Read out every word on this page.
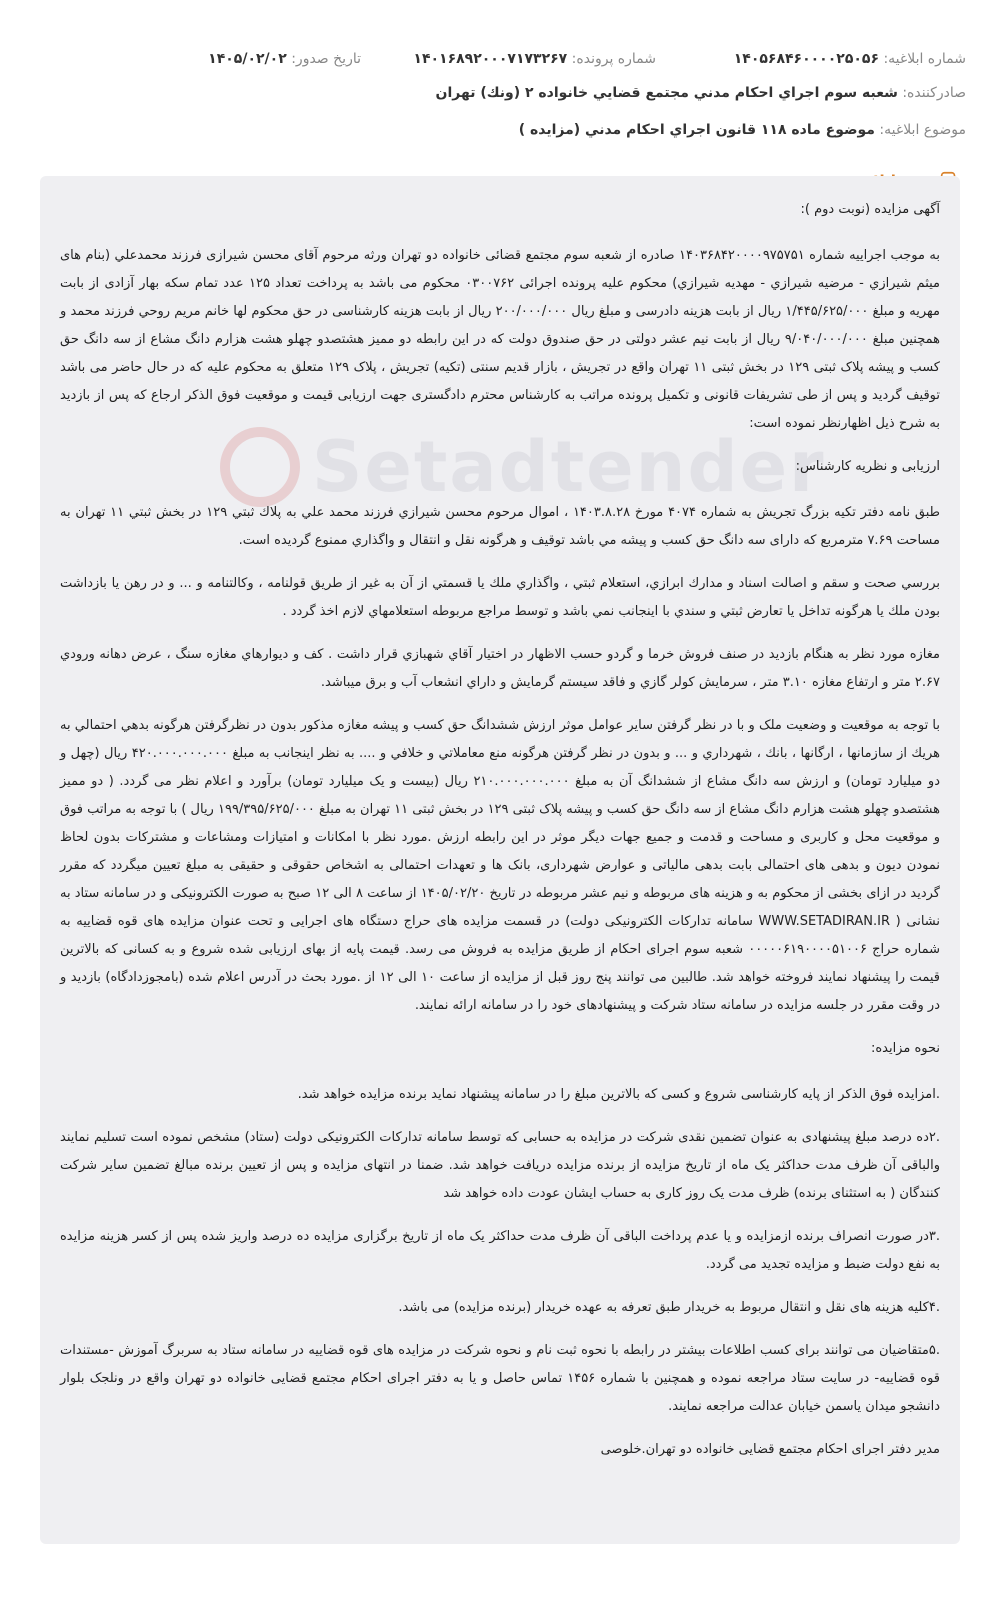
شماره ابلاغیه: ۱۴۰۵۶۸۴۶۰۰۰۰۲۵۰۵۶
شماره پرونده: ۱۴۰۱۶۸۹۲۰۰۰۷۱۷۳۲۶۷
تاریخ صدور: ۱۴۰۵/۰۲/۰۲
صادرکننده: شعبه سوم اجراي احكام مدني مجتمع قضايي خانواده ۲ (ونك) تهران
موضوع ابلاغیه: موضوع ماده ۱۱۸ قانون اجراي احكام مدني (مزايده )
Setadtender

آگهی مزایده (نوبت دوم ):

به موجب اجراییه شماره ۱۴۰۳۶۸۴۲۰۰۰۰۹۷۵۷۵۱ صادره از شعبه سوم مجتمع قضائی خانواده دو تهران ورثه مرحوم آقای محسن شیرازی فرزند محمدعلي (بنام های میثم شیرازي - مرضيه شيرازي - مهديه شيرازي) محكوم علیه پرونده اجرائی ۰۳۰۰۷۶۲ محکوم می باشد به پرداخت تعداد ۱۲۵ عدد تمام سکه بهار آزادی از بابت مهریه و مبلغ ۱/۴۴۵/۶۲۵/۰۰۰ ريال از بابت هزينه دادرسی و مبلغ ريال ۲۰۰/۰۰۰/۰۰۰ ريال از بابت هزینه کارشناسی در حق محکوم لها خانم مريم روحي فرزند محمد و همچنين مبلغ ۹/۰۴۰/۰۰۰/۰۰۰ ريال از بابت نيم عشر دولتی در حق صندوق دولت كه در این رابطه دو مميز هشتصدو چهلو هشت هزارم دانگ مشاع از سه دانگ حق کسب و پیشه پلاک ثبتی ۱۲۹ در بخش ثبتی ۱۱ تهران واقع در تجریش ، بازار قدیم سنتی (تکیه) تجريش ، پلاک ۱۲۹ متعلق به محکوم علیه که در حال حاضر می باشد توقیف گردید و پس از طی تشریفات قانونی و تکمیل پرونده مراتب به کارشناس محترم دادگستری جهت ارزیابی قیمت و موقعیت فوق الذکر ارجاع که پس از بازدید به شرح ذیل اظهارنظر نموده است:

ارزیابی و نظریه کارشناس:

طبق نامه دفتر تکیه بزرگ تجریش به شماره ۴۰۷۴ مورخ ۱۴۰۳.۸.۲۸ ، اموال مرحوم محسن شيرازي فرزند محمد علي به پلاك ثبتي ۱۲۹ در بخش ثبتي ۱۱ تهران به مساحت ۷.۶۹ مترمربع که دارای سه دانگ حق کسب و پیشه مي باشد توقيف و هرگونه نقل و انتقال و واگذاري ممنوع گرديده است.

بررسي صحت و سقم و اصالت اسناد و مدارك ابرازي، استعلام ثبتي ، واگذاري ملك يا قسمتي از آن به غير از طريق قولنامه ، وكالتنامه و ... و در رهن يا بازداشت بودن ملك يا هرگونه تداخل يا تعارض ثبتي و سندي با اينجانب نمي باشد و توسط مراجع مربوطه استعلامهاي لازم اخذ گردد .

مغازه مورد نظر به هنگام بازديد در صنف فروش خرما و گردو حسب الاظهار در اختيار آقاي شهبازي قرار داشت . كف و ديوارهاي مغازه سنگ ، عرض دهانه ورودي ۲.۶۷ متر و ارتفاع مغازه ۳.۱۰ متر ، سرمايش كولر گازي و فاقد سيستم گرمايش و داراي انشعاب آب و برق ميباشد.

با توجه به موقعیت و وضعیت ملک و با در نظر گرفتن سایر عوامل موثر ارزش ششدانگ حق کسب و پیشه مغازه مذکور بدون در نظرگرفتن هرگونه بدهي احتمالي به هريك از سازمانها ، ارگانها ، بانك ، شهرداري و ... و بدون در نظر گرفتن هرگونه منع معاملاتي و خلافي و .... به نظر اينجانب به مبلغ ۴۲۰.۰۰۰.۰۰۰.۰۰۰ ريال (چهل و دو ميليارد تومان) و ارزش سه دانگ مشاع از ششدانگ آن به مبلغ ۲۱۰.۰۰۰.۰۰۰.۰۰۰ ريال (بيست و یک ميليارد تومان) برآورد و اعلام نظر می گردد. ( دو مميز هشتصدو چهلو هشت هزارم دانگ مشاع از سه دانگ حق کسب و پیشه پلاک ثبتی ۱۲۹ در بخش ثبتی ۱۱ تهران به مبلغ ۱۹۹/۳۹۵/۶۲۵/۰۰۰ ريال ) با توجه به مراتب فوق و موقعیت محل و کاربری و مساحت و قدمت و جمیع جهات دیگر موثر در این رابطه ارزش .مورد نظر با امکانات و امتیازات ومشاعات و مشترکات بدون لحاظ نمودن دیون و بدهی های احتمالی بابت بدهی مالیاتی و عوارض شهرداری، بانک ها و تعهدات احتمالی به اشخاص حقوقی و حقیقی به مبلغ تعیین میگردد که مقرر گردید در ازای بخشی از محکوم به و هزینه های مربوطه و نیم عشر مربوطه در تاریخ ۱۴۰۵/۰۲/۲۰ از ساعت ۸ الی ۱۲ صبح به صورت الکترونیکی و در سامانه ستاد به نشانی ( WWW.SETADIRAN.IR سامانه تدارکات الکترونیکی دولت) در قسمت مزایده های حراج دستگاه های اجرایی و تحت عنوان مزایده های قوه قضاییه به شماره حراج ۰۰۰۰۰۶۱۹۰۰۰۰۵۱۰۰۶ شعبه سوم اجرای احکام از طریق مزایده به فروش می رسد. قیمت پایه از بهای ارزیابی شده شروع و به کسانی که بالاترین قیمت را پیشنهاد نمایند فروخته خواهد شد. طالبین می توانند پنج روز قبل از مزایده از ساعت ۱۰ الی ۱۲ از .مورد بحث در آدرس اعلام شده (بامجوزدادگاه) بازدید و در وقت مقرر در جلسه مزایده در سامانه ستاد شرکت و پیشنهادهای خود را در سامانه ارائه نمایند.

نحوه مزایده:

.امزایده فوق الذکر از پایه کارشناسی شروع و کسی که بالاترین مبلغ را در سامانه پیشنهاد نماید برنده مزایده خواهد شد.

.۲ده درصد مبلغ پیشنهادی به عنوان تضمین نقدی شرکت در مزایده به حسابی که توسط سامانه تدارکات الکترونیکی دولت (ستاد) مشخص نموده است تسلیم نمایند والباقی آن ظرف مدت حداکثر یک ماه از تاریخ مزایده از برنده مزایده دریافت خواهد شد. ضمنا در انتهای مزایده و پس از تعیین برنده مبالغ تضمین سایر شرکت کنندگان ( به استثنای برنده) ظرف مدت یک روز کاری به حساب ایشان عودت داده خواهد شد

.۳در صورت انصراف برنده ازمزایده و یا عدم پرداخت الباقی آن ظرف مدت حداکثر یک ماه از تاریخ برگزاری مزایده ده درصد واریز شده پس از کسر هزینه مزایده به نفع دولت ضبط و مزایده تجدید می گردد.

.۴کلیه هزینه های نقل و انتقال مربوط به خریدار طبق تعرفه به عهده خریدار (برنده مزایده) می باشد.

.۵متقاضیان می توانند برای کسب اطلاعات بیشتر در رابطه با نحوه ثبت نام و نحوه شرکت در مزایده های قوه قضاییه در سامانه ستاد به سربرگ آموزش -مستندات قوه قضاییه- در سایت ستاد مراجعه نموده و همچنین با شماره ۱۴۵۶ تماس حاصل و یا به دفتر اجرای احکام مجتمع قضایی خانواده دو تهران واقع در ونلجک بلوار دانشجو میدان یاسمن خیابان عدالت مراجعه نمایند.

مدیر دفتر اجرای احکام مجتمع قضایی خانواده دو تهران.خلوصی
